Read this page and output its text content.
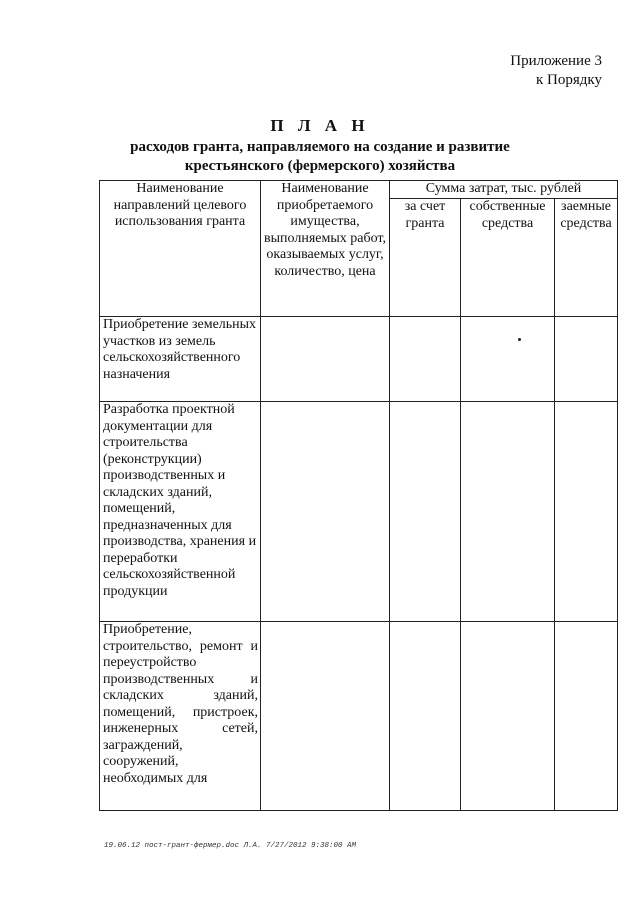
Приложение 3
к Порядку
П Л А Н
расходов гранта, направляемого на создание и развитие
крестьянского (фермерского) хозяйства
Наименование направлений целевого использования гранта	Наименование приобретаемого имущества, выполняемых работ, оказываемых услуг, количество, цена	Сумма затрат, тыс. рублей		
		за счет гранта	собственные средства	заемные средства
Приобретение земельных участков из земель сельскохозяйственного назначения				
Разработка проектной документации для строительства (реконструкции) производственных и складских зданий, помещений, предназначенных для производства, хранения и переработки сельскохозяйственной продукции				
Приобретение, строительство, ремонт и переустройство производственных и складских зданий, помещений, пристроек, инженерных сетей, заграждений, сооружений, необходимых для				
19.06.12 пост-грант-фермер.doc Л.А. 7/27/2012 9:38:00 AM
